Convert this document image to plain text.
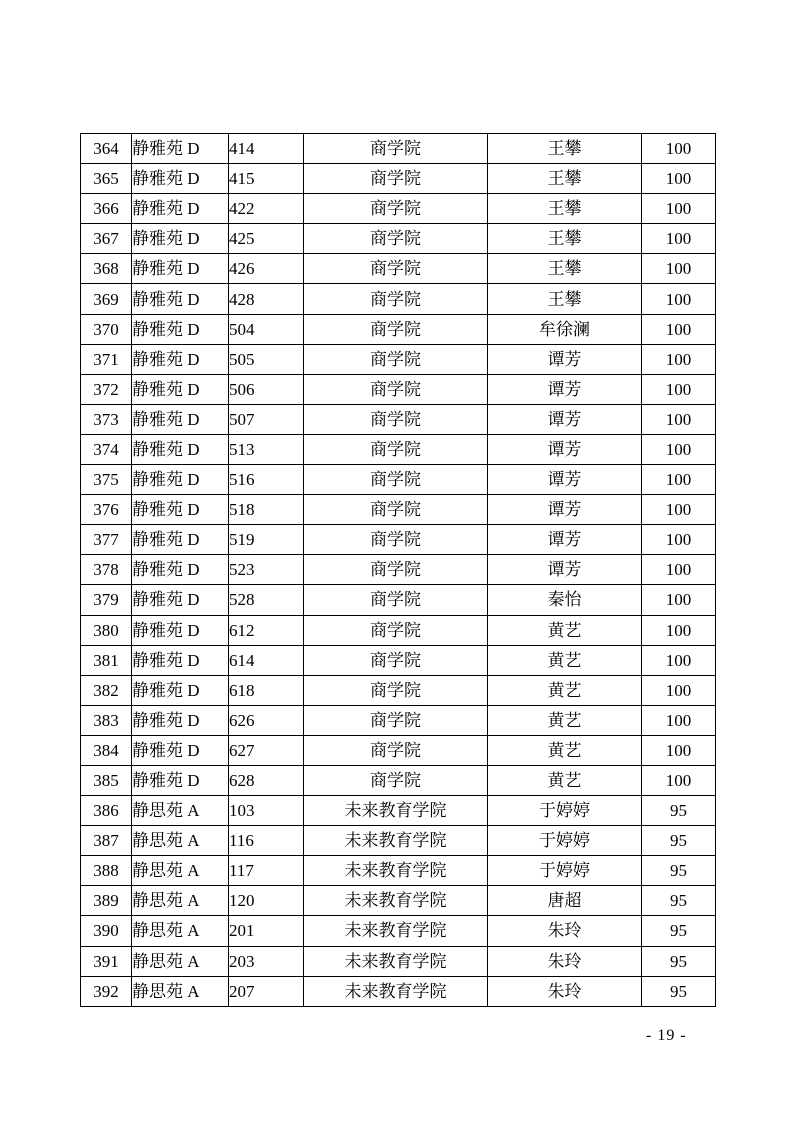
364	静雅苑 D	414	商学院	王攀	100
365	静雅苑 D	415	商学院	王攀	100
366	静雅苑 D	422	商学院	王攀	100
367	静雅苑 D	425	商学院	王攀	100
368	静雅苑 D	426	商学院	王攀	100
369	静雅苑 D	428	商学院	王攀	100
370	静雅苑 D	504	商学院	牟徐澜	100
371	静雅苑 D	505	商学院	谭芳	100
372	静雅苑 D	506	商学院	谭芳	100
373	静雅苑 D	507	商学院	谭芳	100
374	静雅苑 D	513	商学院	谭芳	100
375	静雅苑 D	516	商学院	谭芳	100
376	静雅苑 D	518	商学院	谭芳	100
377	静雅苑 D	519	商学院	谭芳	100
378	静雅苑 D	523	商学院	谭芳	100
379	静雅苑 D	528	商学院	秦怡	100
380	静雅苑 D	612	商学院	黄艺	100
381	静雅苑 D	614	商学院	黄艺	100
382	静雅苑 D	618	商学院	黄艺	100
383	静雅苑 D	626	商学院	黄艺	100
384	静雅苑 D	627	商学院	黄艺	100
385	静雅苑 D	628	商学院	黄艺	100
386	静思苑 A	103	未来教育学院	于婷婷	95
387	静思苑 A	116	未来教育学院	于婷婷	95
388	静思苑 A	117	未来教育学院	于婷婷	95
389	静思苑 A	120	未来教育学院	唐超	95
390	静思苑 A	201	未来教育学院	朱玲	95
391	静思苑 A	203	未来教育学院	朱玲	95
392	静思苑 A	207	未来教育学院	朱玲	95
- 19 -
